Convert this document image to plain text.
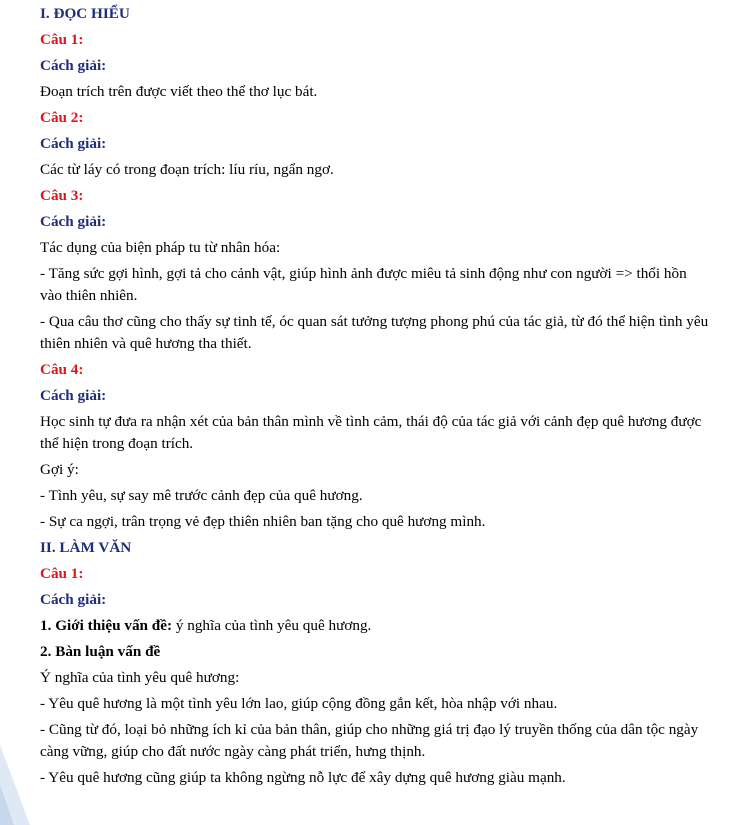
I. ĐỌC HIỂU

Câu 1:

Cách giải:

Đoạn trích trên được viết theo thể thơ lục bát.

Câu 2:

Cách giải:

Các từ láy có trong đoạn trích: líu ríu, ngẩn ngơ.

Câu 3:

Cách giải:

Tác dụng của biện pháp tu từ nhân hóa:

- Tăng sức gợi hình, gợi tả cho cảnh vật, giúp hình ảnh được miêu tả sinh động như con người => thổi hồn vào thiên nhiên.

- Qua câu thơ cũng cho thấy sự tinh tế, óc quan sát tưởng tượng phong phú của tác giả, từ đó thể hiện tình yêu thiên nhiên và quê hương tha thiết.

Câu 4:

Cách giải:

Học sinh tự đưa ra nhận xét của bản thân mình về tình cảm, thái độ của tác giả với cảnh đẹp quê hương được thể hiện trong đoạn trích.

Gợi ý:

- Tình yêu, sự say mê trước cảnh đẹp của quê hương.

- Sự ca ngợi, trân trọng vẻ đẹp thiên nhiên ban tặng cho quê hương mình.

II. LÀM VĂN

Câu 1:

Cách giải:

1. Giới thiệu vấn đề: ý nghĩa của tình yêu quê hương.

2. Bàn luận vấn đề

Ý nghĩa của tình yêu quê hương:

- Yêu quê hương là một tình yêu lớn lao, giúp cộng đồng gắn kết, hòa nhập với nhau.

- Cũng từ đó, loại bỏ những ích kỉ của bản thân, giúp cho những giá trị đạo lý truyền thống của dân tộc ngày càng vững, giúp cho đất nước ngày càng phát triển, hưng thịnh.

- Yêu quê hương cũng giúp ta không ngừng nỗ lực để xây dựng quê hương giàu mạnh.
